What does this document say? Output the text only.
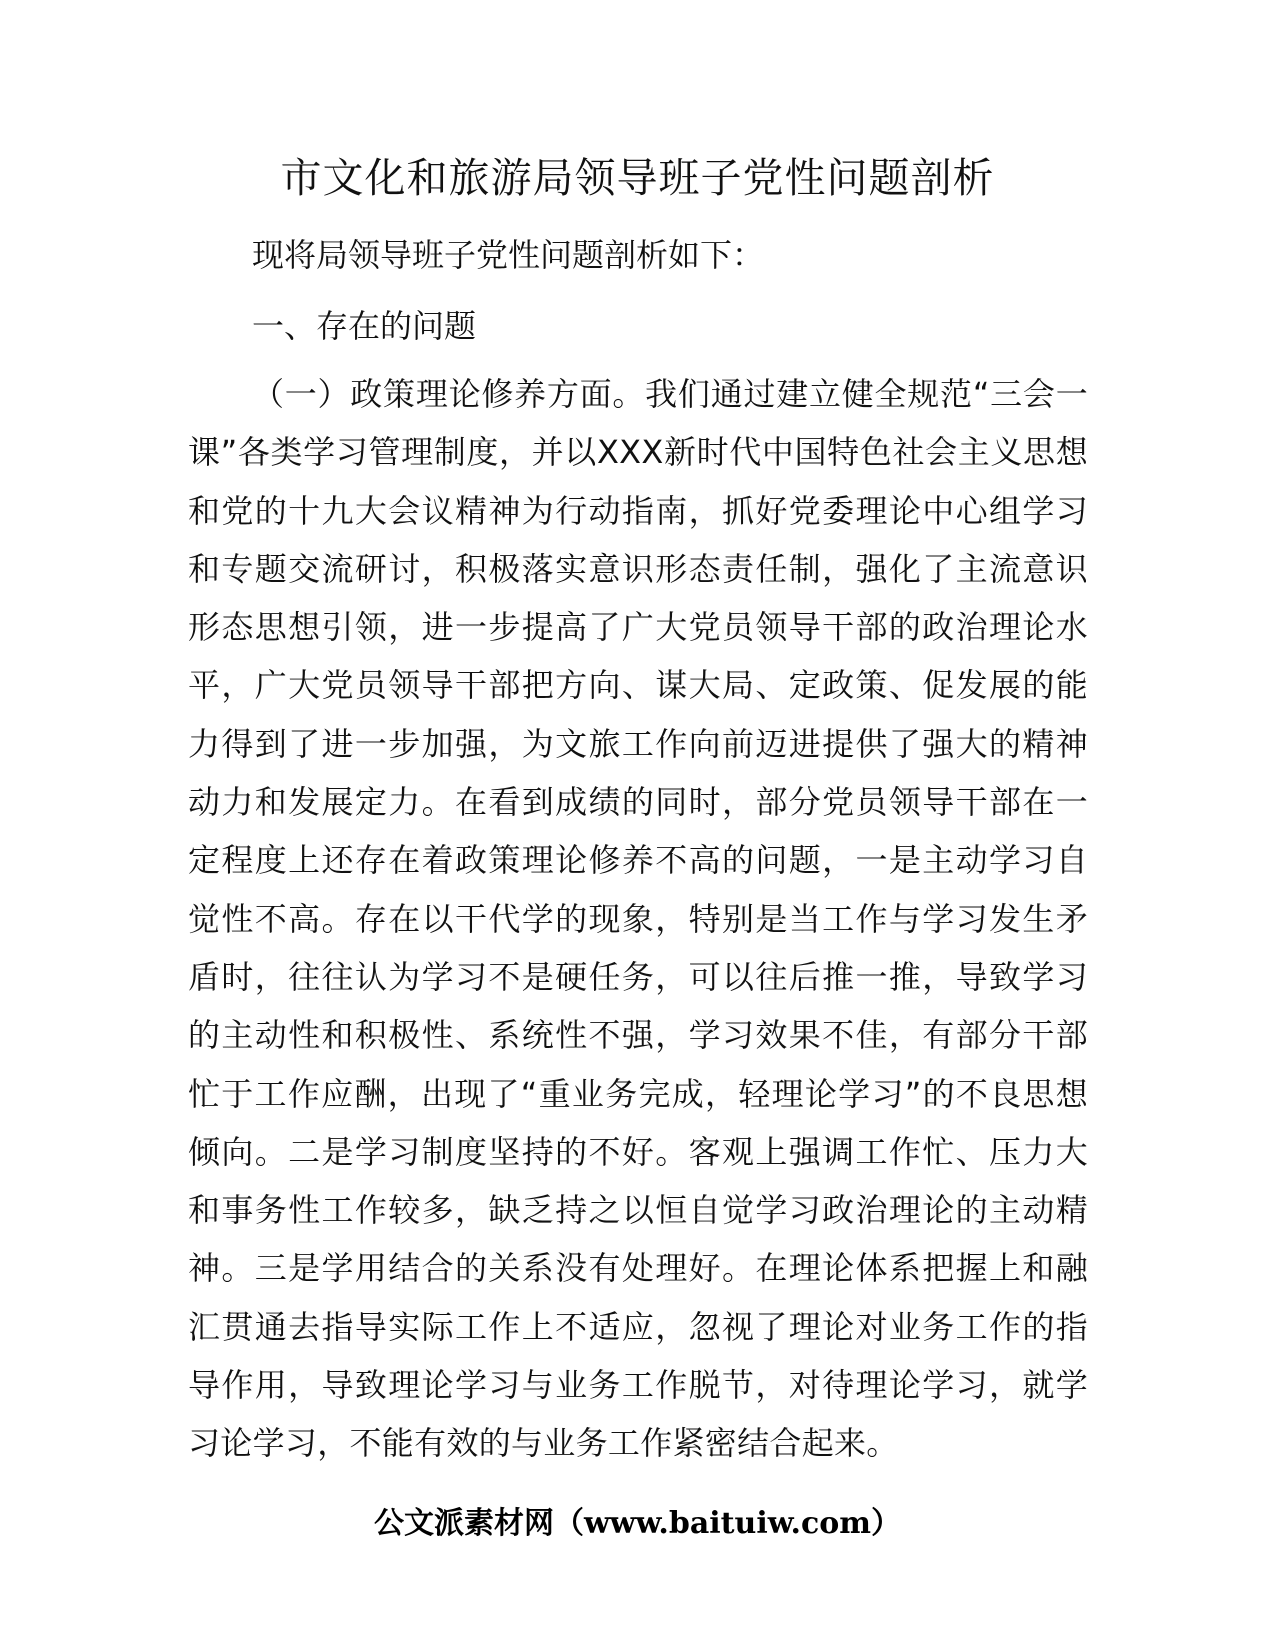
市文化和旅游局领导班子党性问题剖析

现将局领导班子党性问题剖析如下：

一、存在的问题

（一）政策理论修养方面。我们通过建立健全规范“三会一课”各类学习管理制度，并以XXX新时代中国特色社会主义思想和党的十九大会议精神为行动指南，抓好党委理论中心组学习和专题交流研讨，积极落实意识形态责任制，强化了主流意识形态思想引领，进一步提高了广大党员领导干部的政治理论水平，广大党员领导干部把方向、谋大局、定政策、促发展的能力得到了进一步加强，为文旅工作向前迈进提供了强大的精神动力和发展定力。在看到成绩的同时，部分党员领导干部在一定程度上还存在着政策理论修养不高的问题，一是主动学习自觉性不高。存在以干代学的现象，特别是当工作与学习发生矛盾时，往往认为学习不是硬任务，可以往后推一推，导致学习的主动性和积极性、系统性不强，学习效果不佳，有部分干部忙于工作应酬，出现了“重业务完成，轻理论学习”的不良思想倾向。二是学习制度坚持的不好。客观上强调工作忙、压力大和事务性工作较多，缺乏持之以恒自觉学习政治理论的主动精神。三是学用结合的关系没有处理好。在理论体系把握上和融汇贯通去指导实际工作上不适应，忽视了理论对业务工作的指导作用，导致理论学习与业务工作脱节，对待理论学习，就学习论学习，不能有效的与业务工作紧密结合起来。

公文派素材网（www.baituiw.com）
